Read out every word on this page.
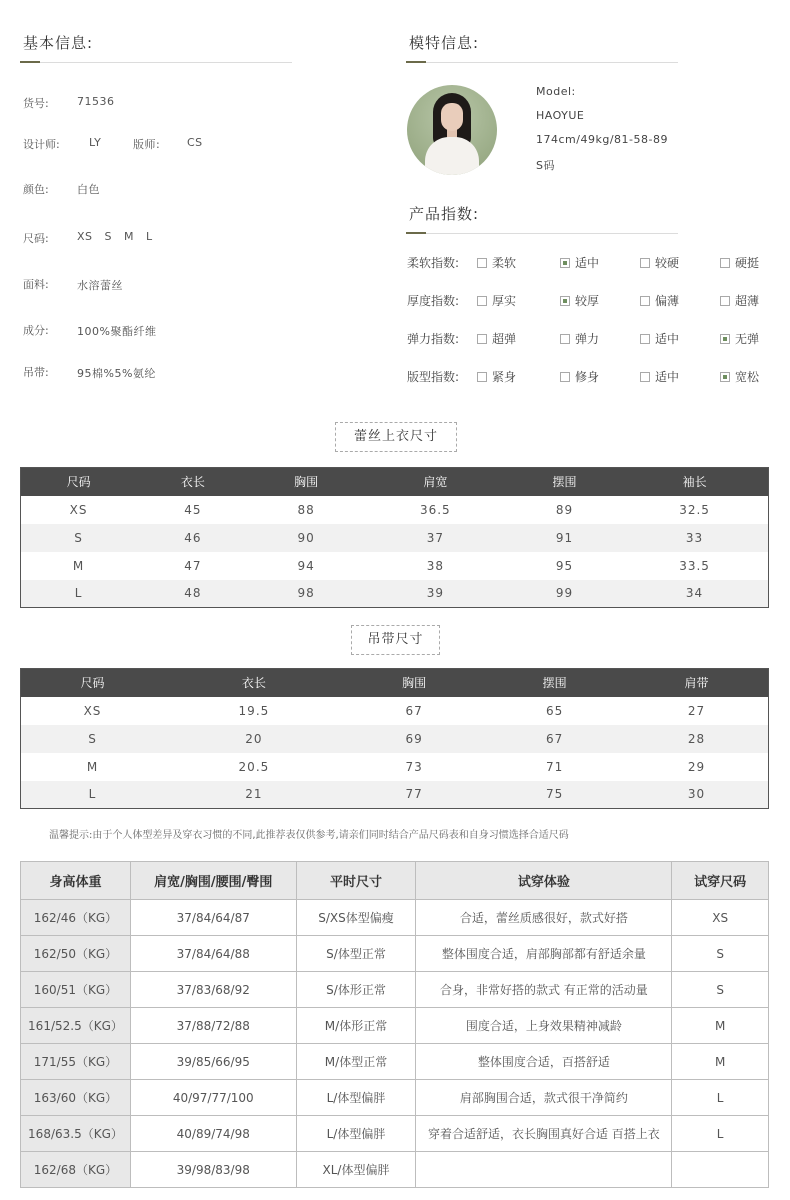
基本信息:
货号:	71536
设计师:	LY	版师: CS
颜色:	白色
尺码:	XS   S   M   L
面料:	水溶蕾丝
成分:	100%聚酯纤维
吊带:	95棉%5%氨纶
模特信息:
Model:
HAOYUE
174cm/49kg/81-58-89
S码
产品指数:
柔软指数:	柔软	适中	较硬	硬挺
厚度指数:	厚实	较厚	偏薄	超薄
弹力指数:	超弹	弹力	适中	无弹
版型指数:	紧身	修身	适中	宽松
蕾丝上衣尺寸
尺码	衣长	胸围	肩宽	摆围	袖长
XS	45	88	36.5	89	32.5
S	46	90	37	91	33
M	47	94	38	95	33.5
L	48	98	39	99	34
吊带尺寸
尺码	衣长	胸围	摆围	肩带
XS	19.5	67	65	27
S	20	69	67	28
M	20.5	73	71	29
L	21	77	75	30
温馨提示:由于个人体型差异及穿衣习惯的不同,此推荐表仅供参考,请亲们同时结合产品尺码表和自身习惯选择合适尺码
身高体重	肩宽/胸围/腰围/臀围	平时尺寸	试穿体验	试穿尺码
162/46（KG）	37/84/64/87	S/XS体型偏瘦	合适，蕾丝质感很好，款式好搭	XS
162/50（KG）	37/84/64/88	S/体型正常	整体围度合适，肩部胸部都有舒适余量	S
160/51（KG）	37/83/68/92	S/体形正常	合身，非常好搭的款式 有正常的活动量	S
161/52.5（KG）	37/88/72/88	M/体形正常	围度合适，上身效果精神减龄	M
171/55（KG）	39/85/66/95	M/体型正常	整体围度合适，百搭舒适	M
163/60（KG）	40/97/77/100	L/体型偏胖	肩部胸围合适，款式很干净简约	L
168/63.5（KG）	40/89/74/98	L/体型偏胖	穿着合适舒适，衣长胸围真好合适 百搭上衣	L
162/68（KG）	39/98/83/98	XL/体型偏胖		
